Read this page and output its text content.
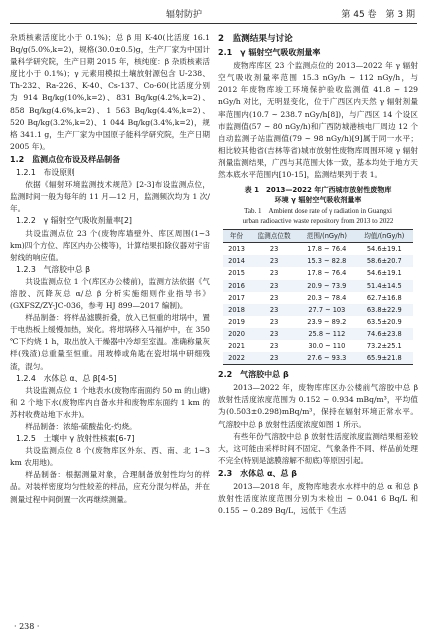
辐射防护	第 45 卷　第 3 期

杂质核素活度比小于 0.1%)；总 β 用 K-40(比活度 16.1 Bq/g(5.0%,k=2)，规格(30.0±0.5)g，生产厂家为中国计量科学研究院，生产日期 2015 年，核纯度：β 杂质核素活度比小于 0.1%)；γ 元素用模拟土壤放射源包含 U-238、Th-232、Ra-226、K-40、Cs-137、Co-60(比活度分别为 914 Bq/kg(10%,k=2)、831 Bq/kg(4.2%,k=2)、858 Bq/kg(4.6%,k=2)、1 563 Bq/kg(4.4%,k=2)、520 Bq/kg(3.2%,k=2)、1 044 Bq/kg(3.4%,k=2)，规格 341.1 g，生产厂家为中国原子能科学研究院，生产日期 2005 年)。

1.2　监测点位布设及样品制备
1.2.1　布设原则

依据《辐射环境监测技术规范》[2-3]布设监测点位，监测时间一般为每年的 11 月—12 月，监测频次均为 1 次/年。

1.2.2　γ 辐射空气吸收剂量率[2]

共设监测点位 23 个(废物库墙壁外、库区周围(1~3 km)四个方位、库区内办公楼等)，计算结果扣除仪器对宇宙射线的响应值。

1.2.3　气溶胶中总 β

共设监测点位 1 个(库区办公楼前)，监测方法依据《气溶胶、沉降灰总 α/总 β 分析实施细则作业指导书》(GXFSZ/ZY-JC-036，参考 HJ 899—2017 编制)。

样品制备：将样品滤膜折叠，放入已恒重的坩埚中，置于电热板上缓慢加热，炭化。将坩埚移入马福炉中，在 350 ℃下灼烧 1 h，取出放入干燥器中冷却至室温。准确称量灰样(残渣)总重量至恒重。用玻棒或角匙在瓷坩埚中研细残渣，混匀。

1.2.4　水体总 α、总 β[4-5]

共设监测点位 1 个地表水(废物库南面约 50 m 的山塘)和 2 个地下水(废物库内自备水井和废物库东面约 1 km 的苏村收费站地下水井)。

样品制备：浓缩-硫酸盐化-灼烧。

1.2.5　土壤中 γ 放射性核素[6-7]

共设监测点位 8 个(废物库区外东、西、南、北 1~3 km 农用地)。

样品制备：根据测量对象，合理制备放射性均匀的样品。对装样密度均匀性较差的样品，应充分混匀样品，并在测量过程中间倒置一次再继续测量。

2　监测结果与讨论
2.1　γ 辐射空气吸收剂量率

废物库库区 23 个监测点位的 2013—2022 年 γ 辐射空气吸收剂量率范围 15.3 nGy/h ~ 112 nGy/h，与 2012 年废物库竣工环境保护验收监测值 41.8 ~ 129 nGy/h 对比，无明显变化，位于广西区内天然 γ 辐射剂量率范围内(10.7 ~ 238.7 nGy/h[8])，与广西区 14 个设区市监测值(57 ~ 80 nGy/h)和广西防城港核电厂周边 12 个自动监测子站监测值(79 ~ 98 nGy/h)[9]属于同一水平；相比较其他省(吉林等省)城市放射性废物库周围环境 γ 辐射剂量监测结果，广西与其范围大体一致，基本均处于地方天然本底水平范围内[10-15]，监测结果列于表 1。

表 1　2013—2022 年广西城市放射性废物库
环境 γ 辐射空气吸收剂量率
Tab. 1　Ambient dose rate of γ radiation in Guangxi
urban radioactive waste repository from 2013 to 2022
年份	监测点位数	范围/(nGy/h)	均值/(nGy/h)
2013	23	17.8 ~ 76.4	54.6±19.1
2014	23	15.3 ~ 82.8	58.6±20.7
2015	23	17.8 ~ 76.4	54.6±19.1
2016	23	20.9 ~ 73.9	51.4±14.5
2017	23	20.3 ~ 78.4	62.7±16.8
2018	23	27.7 ~ 103	63.8±22.9
2019	23	23.9 ~ 89.2	63.5±20.9
2020	23	25.8 ~ 112	74.6±23.8
2021	23	30.0 ~ 110	73.2±25.1
2022	23	27.6 ~ 93.3	65.9±21.8
2.2　气溶胶中总 β

2013—2022 年，废物库库区办公楼前气溶胶中总 β 放射性活度浓度范围为 0.152 ~ 0.934 mBq/m³，平均值为(0.503±0.298)mBq/m³，保持在辐射环境正常水平。气溶胶中总 β 放射性活度浓度如图 1 所示。

有些年份气溶胶中总 β 放射性活度浓度监测结果相差较大，这可能由采样时间不固定、气象条件不同、样品前处理不完全(特别是滤膜溶解不彻底)等原因引起。

2.3　水体总 α、总 β

2013—2018 年，废物库地表水水样中的总 α 和总 β 放射性活度浓度范围分别为未检出 ~ 0.041 6 Bq/L 和 0.155 ~ 0.289 Bq/L，远低于《生活

· 238 ·
